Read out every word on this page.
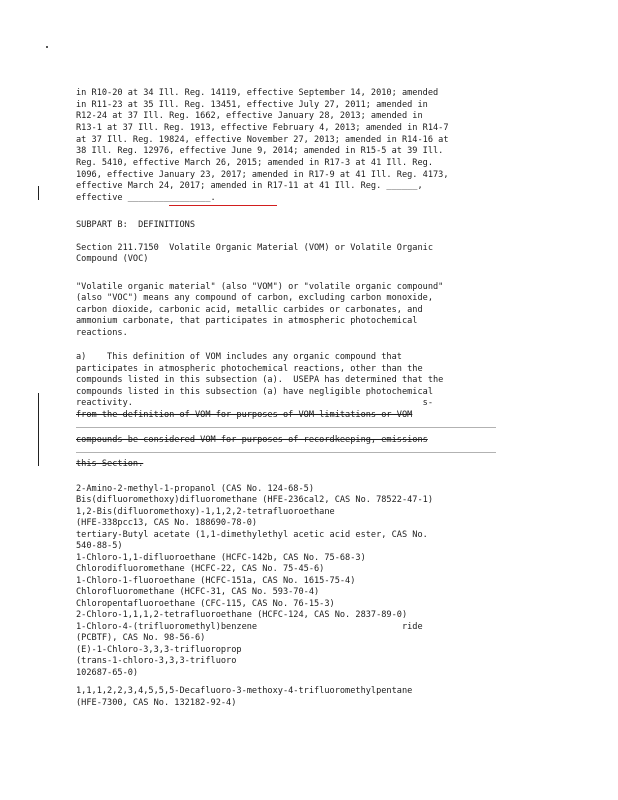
in R10-20 at 34 Ill. Reg. 14119, effective September 14, 2010; amended
in R11-23 at 35 Ill. Reg. 13451, effective July 27, 2011; amended in
R12-24 at 37 Ill. Reg. 1662, effective January 28, 2013; amended in
R13-1 at 37 Ill. Reg. 1913, effective February 4, 2013; amended in R14-7
at 37 Ill. Reg. 19824, effective November 27, 2013; amended in R14-16 at
38 Ill. Reg. 12976, effective June 9, 2014; amended in R15-5 at 39 Ill.
Reg. 5410, effective March 26, 2015; amended in R17-3 at 41 Ill. Reg.
1096, effective January 23, 2017; amended in R17-9 at 41 Ill. Reg. 4173,
effective March 24, 2017; amended in R17-11 at 41 Ill. Reg. ______,
effective ________________.
SUBPART B:  DEFINITIONS
Section 211.7150  Volatile Organic Material (VOM) or Volatile Organic
Compound (VOC)
"Volatile organic material" (also "VOM") or "volatile organic compound"
(also "VOC") means any compound of carbon, excluding carbon monoxide,
carbon dioxide, carbonic acid, metallic carbides or carbonates, and
ammonium carbonate, that participates in atmospheric photochemical
reactions.
a)    This definition of VOM includes any organic compound that
participates in atmospheric photochemical reactions, other than the
compounds listed in this subsection (a).  USEPA has determined that the
compounds listed in this subsection (a) have negligible photochemical
reactivity.                                                        s-
from the definition of VOM for purposes of VOM limitations or VOM
compounds be considered VOM for purposes of recordkeeping, emissions
this Section.
2-Amino-2-methyl-1-propanol (CAS No. 124-68-5)
Bis(difluoromethoxy)difluoromethane (HFE-236cal2, CAS No. 78522-47-1)
1,2-Bis(difluoromethoxy)-1,1,2,2-tetrafluoroethane
(HFE-338pcc13, CAS No. 188690-78-0)
tertiary-Butyl acetate (1,1-dimethylethyl acetic acid ester, CAS No.
540-88-5)
1-Chloro-1,1-difluoroethane (HCFC-142b, CAS No. 75-68-3)
Chlorodifluoromethane (HCFC-22, CAS No. 75-45-6)
1-Chloro-1-fluoroethane (HCFC-151a, CAS No. 1615-75-4)
Chlorofluoromethane (HCFC-31, CAS No. 593-70-4)
Chloropentafluoroethane (CFC-115, CAS No. 76-15-3)
2-Chloro-1,1,1,2-tetrafluoroethane (HCFC-124, CAS No. 2837-89-0)
1-Chloro-4-(trifluoromethyl)benzene                            ride
(PCBTF), CAS No. 98-56-6)
(E)-1-Chloro-3,3,3-trifluoroprop
(trans-1-chloro-3,3,3-trifluoro
102687-65-0)
1,1,1,2,2,3,4,5,5,5-Decafluoro-3-methoxy-4-trifluoromethylpentane
(HFE-7300, CAS No. 132182-92-4)
